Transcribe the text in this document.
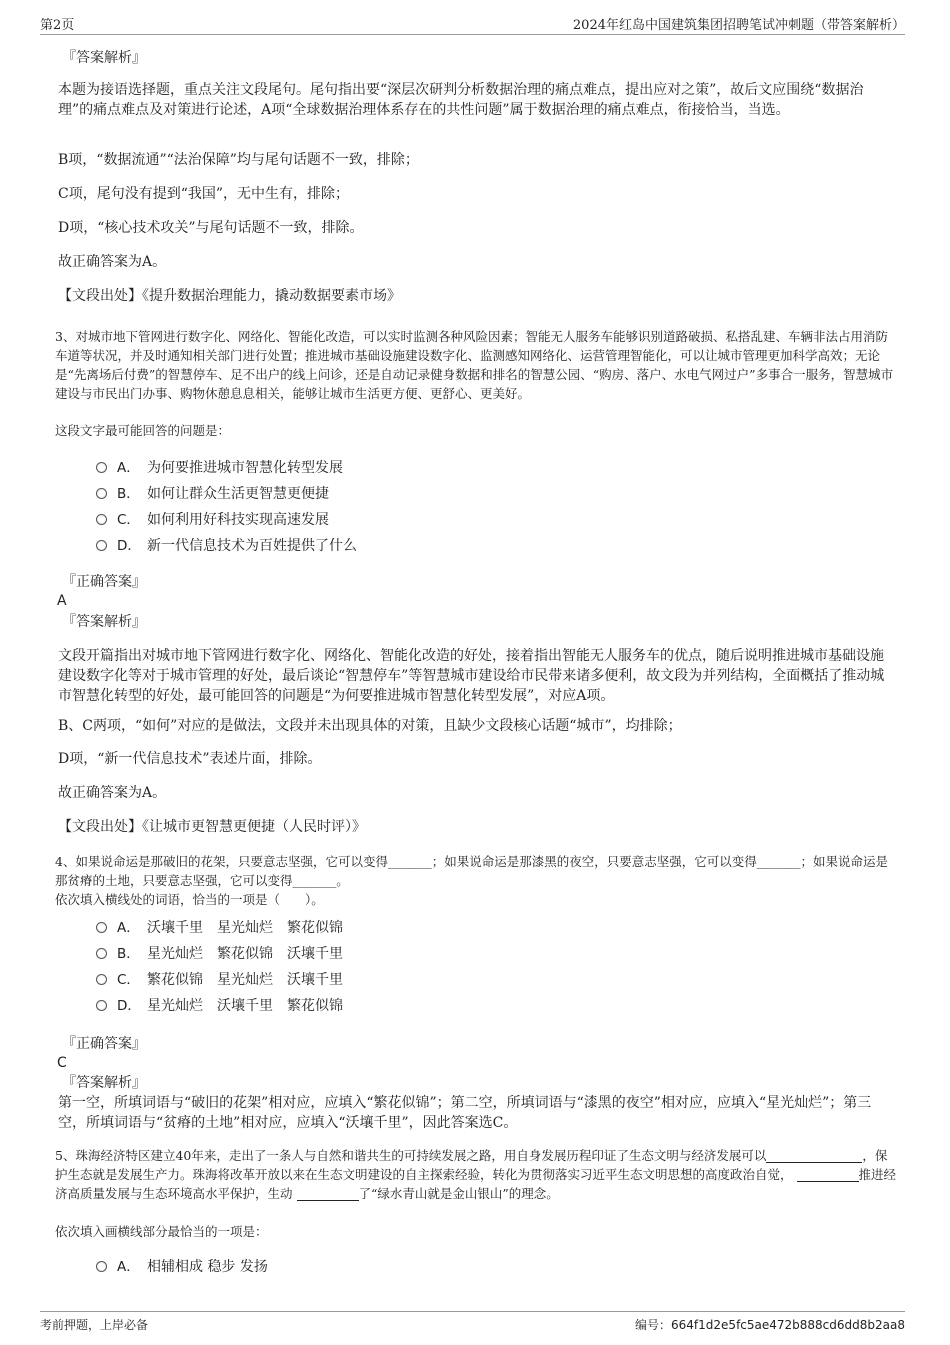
第2页	2024年红岛中国建筑集团招聘笔试冲刺题（带答案解析）
『答案解析』
本题为接语选择题，重点关注文段尾句。尾句指出要“深层次研判分析数据治理的痛点难点，提出应对之策”，故后文应围绕“数据治理”的痛点难点及对策进行论述，A项“全球数据治理体系存在的共性问题”属于数据治理的痛点难点，衔接恰当，当选。
B项，“数据流通”“法治保障”均与尾句话题不一致，排除；
C项，尾句没有提到“我国”，无中生有，排除；
D项，“核心技术攻关”与尾句话题不一致，排除。
故正确答案为A。
【文段出处】《提升数据治理能力，撬动数据要素市场》
3、对城市地下管网进行数字化、网络化、智能化改造，可以实时监测各种风险因素；智能无人服务车能够识别道路破损、私搭乱建、车辆非法占用消防车道等状况，并及时通知相关部门进行处置；推进城市基础设施建设数字化、监测感知网络化、运营管理智能化，可以让城市管理更加科学高效；无论是“先离场后付费”的智慧停车、足不出户的线上问诊，还是自动记录健身数据和排名的智慧公园、“购房、落户、水电气网过户”多事合一服务，智慧城市建设与市民出门办事、购物休憩息息相关，能够让城市生活更方便、更舒心、更美好。
这段文字最可能回答的问题是：
A． 为何要推进城市智慧化转型发展
B． 如何让群众生活更智慧更便捷
C． 如何利用好科技实现高速发展
D． 新一代信息技术为百姓提供了什么
『正确答案』
A
『答案解析』
文段开篇指出对城市地下管网进行数字化、网络化、智能化改造的好处，接着指出智能无人服务车的优点，随后说明推进城市基础设施建设数字化等对于城市管理的好处，最后谈论“智慧停车”等智慧城市建设给市民带来诸多便利，故文段为并列结构，全面概括了推动城市智慧化转型的好处，最可能回答的问题是“为何要推进城市智慧化转型发展”，对应A项。
B、C两项，“如何”对应的是做法，文段并未出现具体的对策，且缺少文段核心话题“城市”，均排除；
D项，“新一代信息技术”表述片面，排除。
故正确答案为A。
【文段出处】《让城市更智慧更便捷（人民时评）》
4、如果说命运是那破旧的花架，只要意志坚强，它可以变得_______；如果说命运是那漆黑的夜空，只要意志坚强，它可以变得_______；如果说命运是那贫瘠的土地，只要意志坚强，它可以变得_______。
依次填入横线处的词语，恰当的一项是（　　）。
A． 沃壤千里　星光灿烂　繁花似锦
B． 星光灿烂　繁花似锦　沃壤千里
C． 繁花似锦　星光灿烂　沃壤千里
D． 星光灿烂　沃壤千里　繁花似锦
『正确答案』
C
『答案解析』
第一空，所填词语与“破旧的花架”相对应，应填入“繁花似锦”；第二空，所填词语与“漆黑的夜空”相对应，应填入“星光灿烂”；第三空，所填词语与“贫瘠的土地”相对应，应填入“沃壤千里”，因此答案选C。
5、珠海经济特区建立40年来，走出了一条人与自然和谐共生的可持续发展之路，用自身发展历程印证了生态文明与经济发展可以	，保护生态就是发展生产力。珠海将改革开放以来在生态文明建设的自主探索经验，转化为贯彻落实习近平生态文明思想的高度政治自觉，	推进经济高质量发展与生态环境高水平保护，生动	了“绿水青山就是金山银山”的理念。
依次填入画横线部分最恰当的一项是：
A． 相辅相成 稳步 发扬
考前押题，上岸必备	编号：664f1d2e5fc5ae472b888cd6dd8b2aa8
